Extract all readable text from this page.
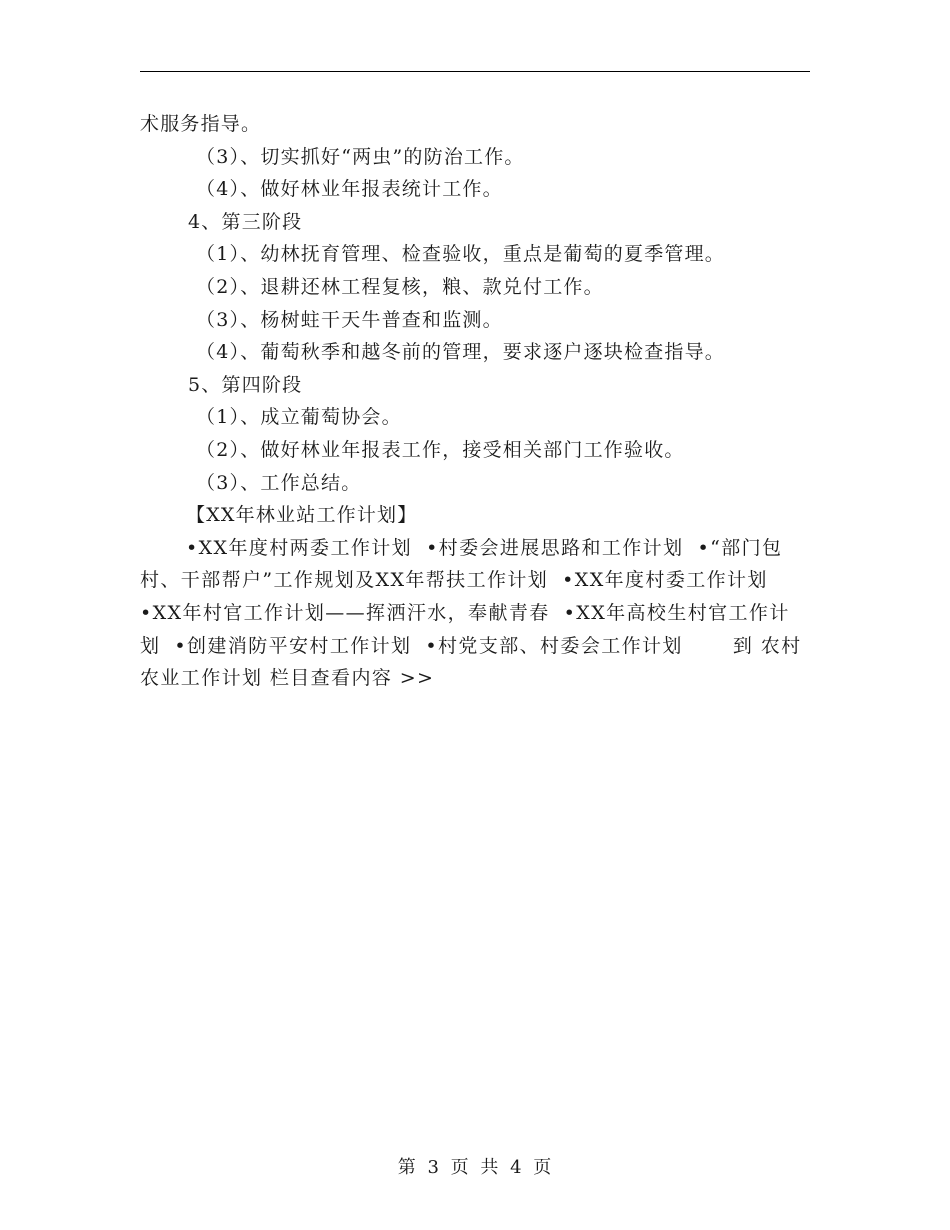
术服务指导。

（3）、切实抓好“两虫”的防治工作。

（4）、做好林业年报表统计工作。

4、第三阶段

（1）、幼林抚育管理、检查验收，重点是葡萄的夏季管理。

（2）、退耕还林工程复核，粮、款兑付工作。

（3）、杨树蛀干天牛普查和监测。

（4）、葡萄秋季和越冬前的管理，要求逐户逐块检查指导。

5、第四阶段

（1）、成立葡萄协会。

（2）、做好林业年报表工作，接受相关部门工作验收。

（3）、工作总结。

【XX年林业站工作计划】

•XX年度村两委工作计划 •村委会进展思路和工作计划 •“部门包村、干部帮户”工作规划及XX年帮扶工作计划 •XX年度村委工作计划•XX年村官工作计划——挥洒汗水，奉献青春 •XX年高校生村官工作计划 •创建消防平安村工作计划 •村党支部、村委会工作计划	到 农村农业工作计划 栏目查看内容 >>

第 3 页 共 4 页
